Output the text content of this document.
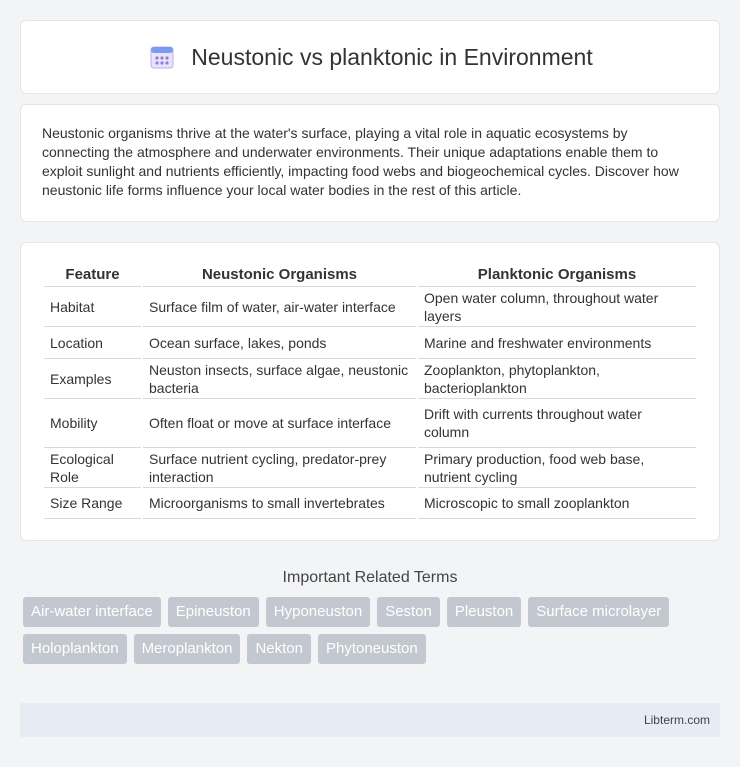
Neustonic vs planktonic in Environment

Neustonic organisms thrive at the water's surface, playing a vital role in aquatic ecosystems by connecting the atmosphere and underwater environments. Their unique adaptations enable them to exploit sunlight and nutrients efficiently, impacting food webs and biogeochemical cycles. Discover how neustonic life forms influence your local water bodies in the rest of this article.

Feature	Neustonic Organisms	Planktonic Organisms
Habitat	Surface film of water, air-water interface	Open water column, throughout water layers
Location	Ocean surface, lakes, ponds	Marine and freshwater environments
Examples	Neuston insects, surface algae, neustonic bacteria	Zooplankton, phytoplankton, bacterioplankton
Mobility	Often float or move at surface interface	Drift with currents throughout water column
Ecological Role	Surface nutrient cycling, predator-prey interaction	Primary production, food web base, nutrient cycling
Size Range	Microorganisms to small invertebrates	Microscopic to small zooplankton
Important Related Terms
Air-water interface	Epineuston	Hyponeuston	Seston	Pleuston	Surface microlayer
Holoplankton	Meroplankton	Nekton	Phytoneuston
Libterm.com
